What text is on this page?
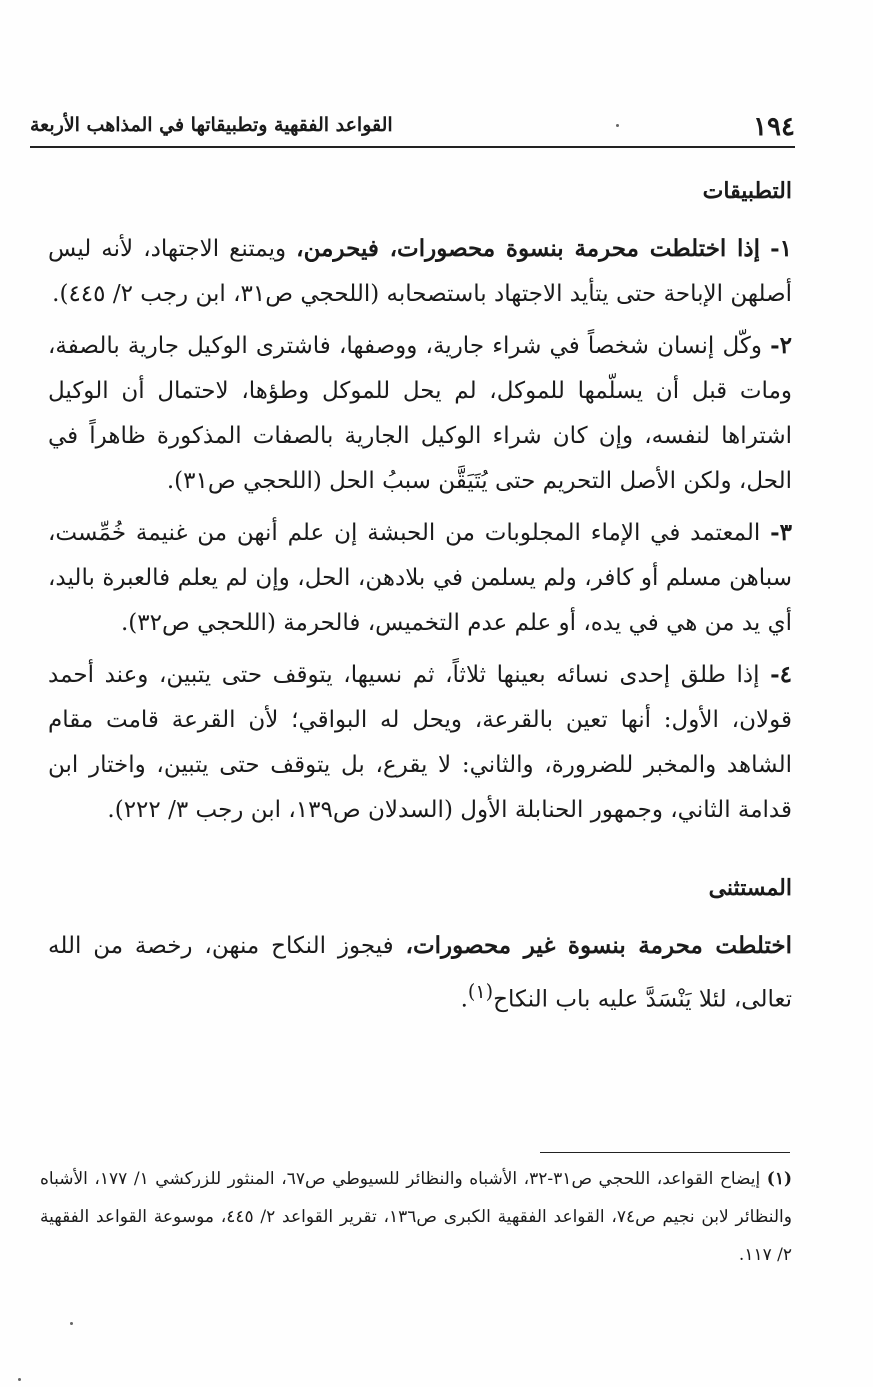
١٩٤
القواعد الفقهية وتطبيقاتها في المذاهب الأربعة
التطبيقات

١- إذا اختلطت محرمة بنسوة محصورات، فيحرمن، ويمتنع الاجتهاد، لأنه ليس أصلهن الإباحة حتى يتأيد الاجتهاد باستصحابه (اللحجي ص٣١، ابن رجب ٢/ ٤٤٥).

٢- وكّل إنسان شخصاً في شراء جارية، ووصفها، فاشترى الوكيل جارية بالصفة، ومات قبل أن يسلّمها للموكل، لم يحل للموكل وطؤها، لاحتمال أن الوكيل اشتراها لنفسه، وإن كان شراء الوكيل الجارية بالصفات المذكورة ظاهراً في الحل، ولكن الأصل التحريم حتى يُتَيَقَّن سببُ الحل (اللحجي ص٣١).

٣- المعتمد في الإماء المجلوبات من الحبشة إن علم أنهن من غنيمة خُمِّست، سباهن مسلم أو كافر، ولم يسلمن في بلادهن، الحل، وإن لم يعلم فالعبرة باليد، أي يد من هي في يده، أو علم عدم التخميس، فالحرمة (اللحجي ص٣٢).

٤- إذا طلق إحدى نسائه بعينها ثلاثاً، ثم نسيها، يتوقف حتى يتبين، وعند أحمد قولان، الأول: أنها تعين بالقرعة، ويحل له البواقي؛ لأن القرعة قامت مقام الشاهد والمخبر للضرورة، والثاني: لا يقرع، بل يتوقف حتى يتبين، واختار ابن قدامة الثاني، وجمهور الحنابلة الأول (السدلان ص١٣٩، ابن رجب ٣/ ٢٢٢).

المستثنى

اختلطت محرمة بنسوة غير محصورات، فيجوز النكاح منهن، رخصة من الله تعالى، لئلا يَنْسَدَّ عليه باب النكاح$^{(١)}$.

(١) إيضاح القواعد، اللحجي ص٣١-٣٢، الأشباه والنظائر للسيوطي ص٦٧، المنثور للزركشي ١/ ١٧٧، الأشباه والنظائر لابن نجيم ص٧٤، القواعد الفقهية الكبرى ص١٣٦، تقرير القواعد ٢/ ٤٤٥، موسوعة القواعد الفقهية ٢/ ١١٧.
